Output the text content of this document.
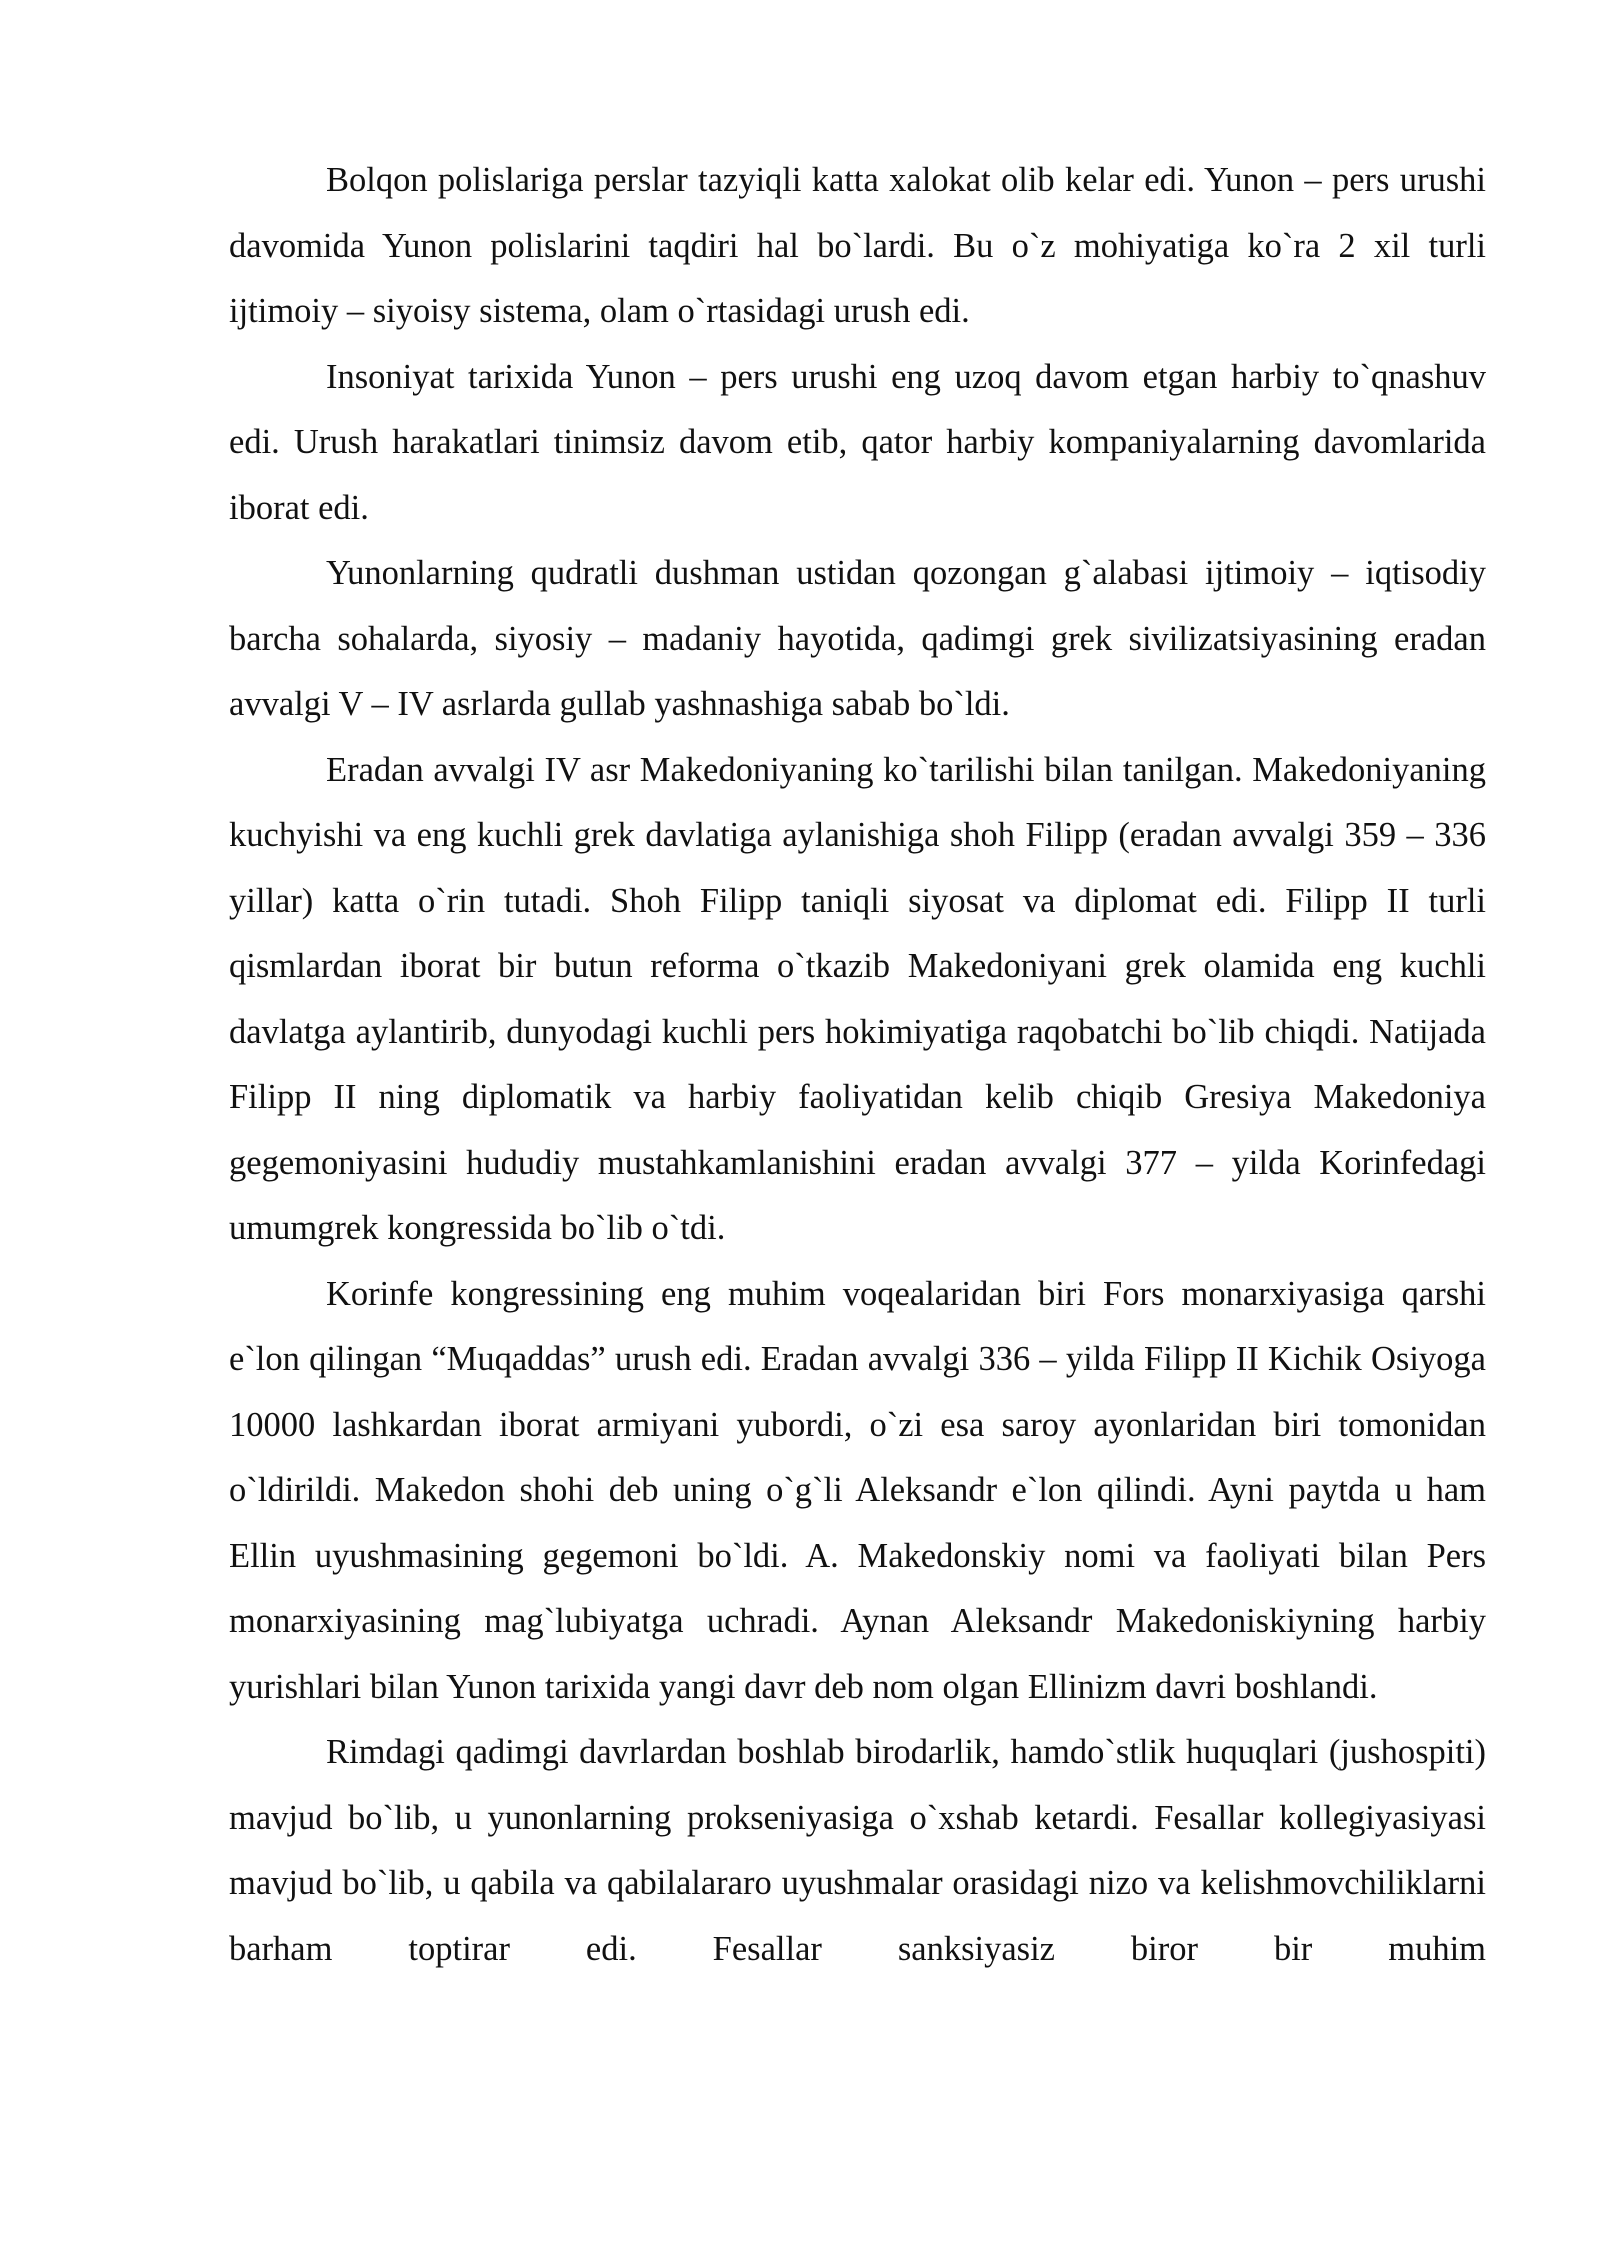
Bolqon polislariga perslar tazyiqli katta xalokat olib kelar edi. Yunon – pers urushi davomida Yunon polislarini taqdiri hal bo`lardi. Bu o`z mohiyatiga ko`ra 2 xil turli ijtimoiy – siyoisy sistema, olam o`rtasidagi urush edi.

Insoniyat tarixida Yunon – pers urushi eng uzoq davom etgan harbiy to`qnashuv edi. Urush harakatlari tinimsiz davom etib, qator harbiy kompaniyalarning davomlarida iborat edi.

Yunonlarning qudratli dushman ustidan qozongan g`alabasi ijtimoiy – iqtisodiy barcha sohalarda, siyosiy – madaniy hayotida, qadimgi grek sivilizatsiyasining eradan avvalgi V – IV asrlarda gullab yashnashiga sabab bo`ldi.

Eradan avvalgi IV asr Makedoniyaning ko`tarilishi bilan tanilgan. Makedoniyaning kuchyishi va eng kuchli grek davlatiga aylanishiga shoh Filipp (eradan avvalgi 359 – 336 yillar) katta o`rin tutadi. Shoh Filipp taniqli siyosat va diplomat edi. Filipp II turli qismlardan iborat bir butun reforma o`tkazib Makedoniyani grek olamida eng kuchli davlatga aylantirib, dunyodagi kuchli pers hokimiyatiga raqobatchi bo`lib chiqdi. Natijada Filipp II ning diplomatik va harbiy faoliyatidan kelib chiqib Gresiya Makedoniya gegemoniyasini hududiy mustahkamlanishini eradan avvalgi 377 – yilda Korinfedagi umumgrek kongressida bo`lib o`tdi.

Korinfe kongressining eng muhim voqealaridan biri Fors monarxiyasiga qarshi e`lon qilingan “Muqaddas” urush edi. Eradan avvalgi 336 – yilda Filipp II Kichik Osiyoga 10000 lashkardan iborat armiyani yubordi, o`zi esa saroy ayonlaridan biri tomonidan o`ldirildi. Makedon shohi deb uning o`g`li Aleksandr e`lon qilindi. Ayni paytda u ham Ellin uyushmasining gegemoni bo`ldi. A. Makedonskiy nomi va faoliyati bilan Pers monarxiyasining mag`lubiyatga uchradi. Aynan Aleksandr Makedoniskiyning harbiy yurishlari bilan Yunon tarixida yangi davr deb nom olgan Ellinizm davri boshlandi.

Rimdagi qadimgi davrlardan boshlab birodarlik, hamdo`stlik huquqlari (jushospiti) mavjud bo`lib, u yunonlarning prokseniyasiga o`xshab ketardi. Fesallar kollegiyasiyasi mavjud bo`lib, u qabila va qabilalararo uyushmalar orasidagi nizo va kelishmovchiliklarni barham toptirar edi. Fesallar sanksiyasiz biror bir muhim
